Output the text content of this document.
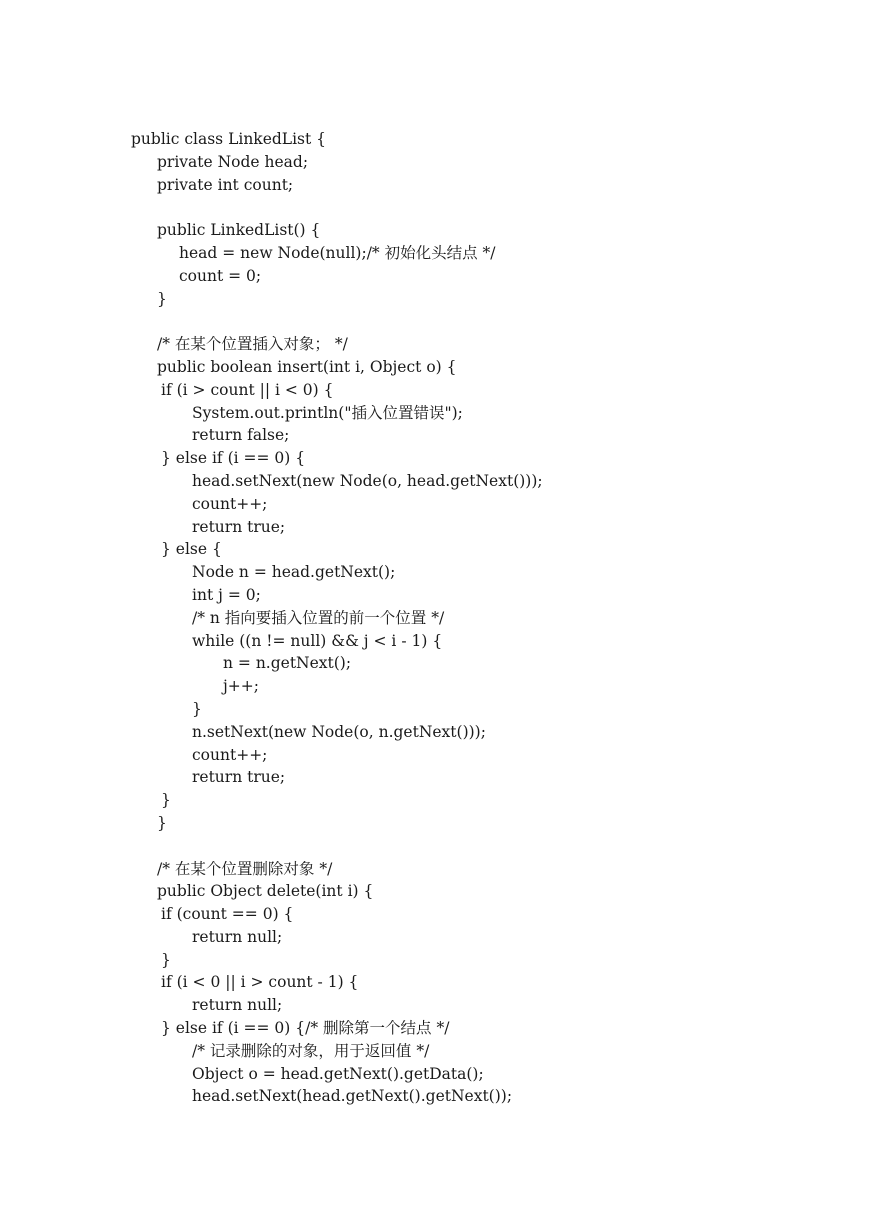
public class LinkedList {
private Node head;
private int count;
public LinkedList() {
head = new Node(null);/* 初始化头结点 */
count = 0;
}
/* 在某个位置插入对象； */
public boolean insert(int i, Object o) {
if (i > count || i < 0) {
System.out.println("插入位置错误");
return false;
} else if (i == 0) {
head.setNext(new Node(o, head.getNext()));
count++;
return true;
} else {
Node n = head.getNext();
int j = 0;
/* n 指向要插入位置的前一个位置 */
while ((n != null) && j < i - 1) {
n = n.getNext();
j++;
}
n.setNext(new Node(o, n.getNext()));
count++;
return true;
}
}
/* 在某个位置删除对象 */
public Object delete(int i) {
if (count == 0) {
return null;
}
if (i < 0 || i > count - 1) {
return null;
} else if (i == 0) {/* 删除第一个结点 */
/* 记录删除的对象，用于返回值 */
Object o = head.getNext().getData();
head.setNext(head.getNext().getNext());
